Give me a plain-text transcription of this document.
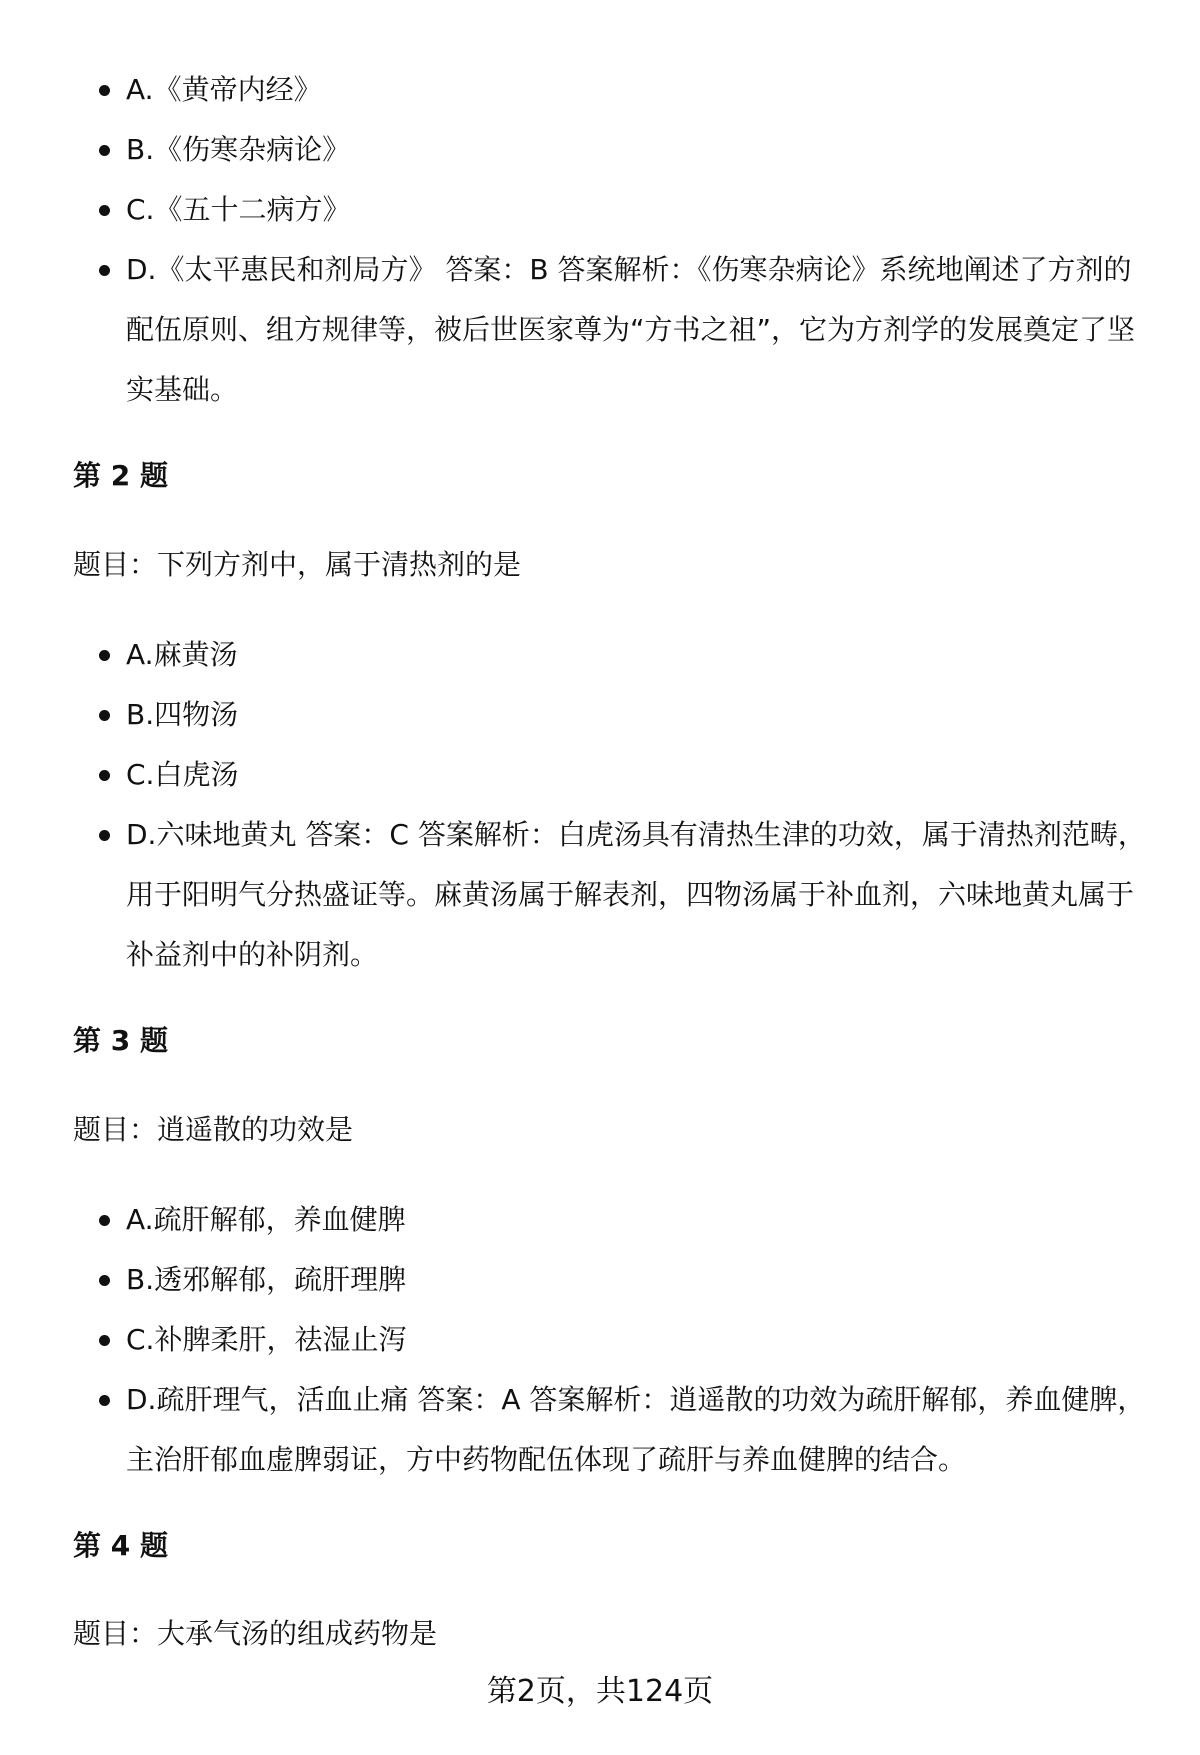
A.《黄帝内经》
B.《伤寒杂病论》
C.《五十二病方》
D.《太平惠民和剂局方》 答案：B 答案解析：《伤寒杂病论》系统地阐述了方剂的配伍原则、组方规律等，被后世医家尊为“方书之祖”，它为方剂学的发展奠定了坚实基础。
第 2 题
题目：下列方剂中，属于清热剂的是
A.麻黄汤
B.四物汤
C.白虎汤
D.六味地黄丸 答案：C 答案解析：白虎汤具有清热生津的功效，属于清热剂范畴，用于阳明气分热盛证等。麻黄汤属于解表剂，四物汤属于补血剂，六味地黄丸属于补益剂中的补阴剂。
第 3 题
题目：逍遥散的功效是
A.疏肝解郁，养血健脾
B.透邪解郁，疏肝理脾
C.补脾柔肝，祛湿止泻
D.疏肝理气，活血止痛 答案：A 答案解析：逍遥散的功效为疏肝解郁，养血健脾，主治肝郁血虚脾弱证，方中药物配伍体现了疏肝与养血健脾的结合。
第 4 题
题目：大承气汤的组成药物是
第2页，共124页
